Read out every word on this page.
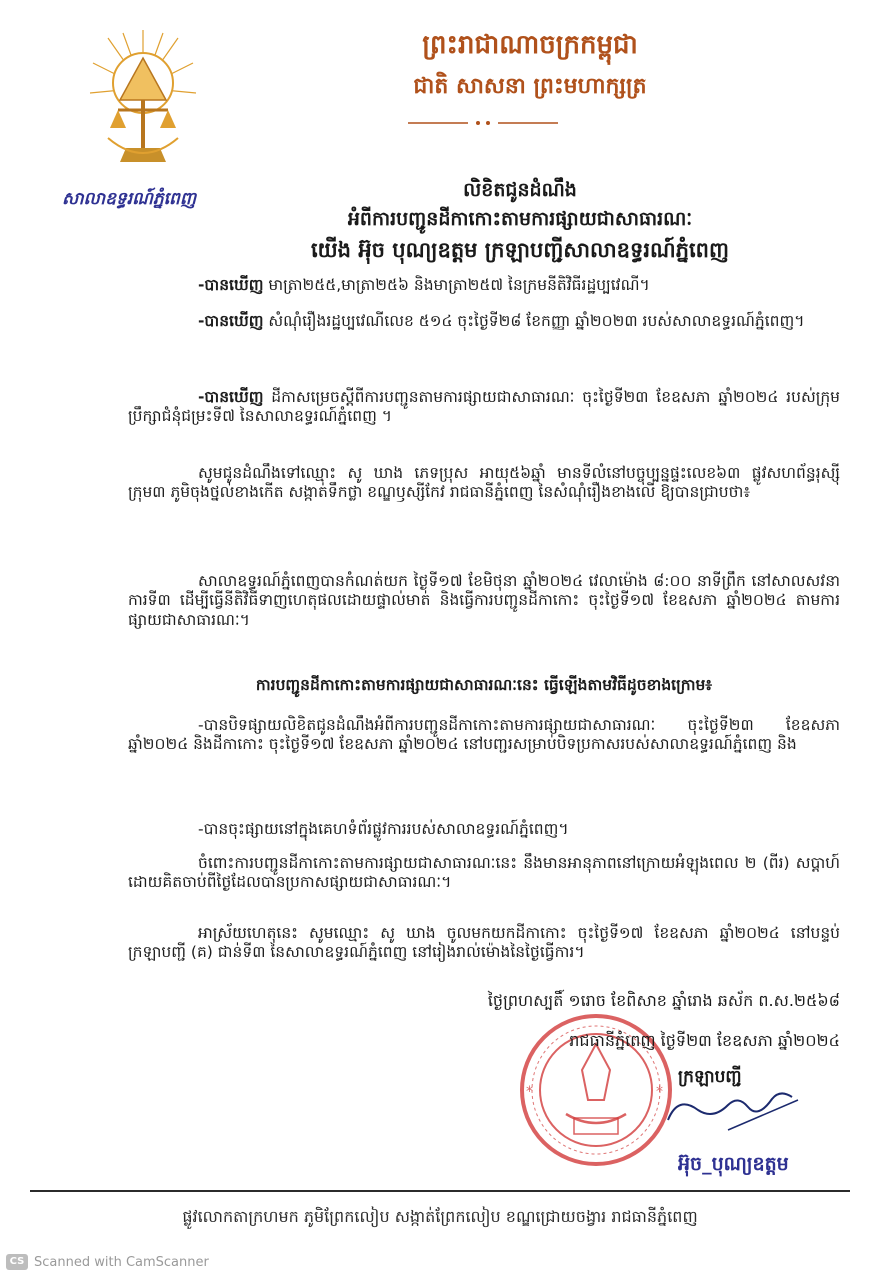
សាលាឧទ្ធរណ៍ភ្នំពេញ
ព្រះរាជាណាចក្រកម្ពុជា
ជាតិ សាសនា ព្រះមហាក្សត្រ
លិខិតជូនដំណឹង
អំពីការបញ្ជូនដីកាកោះតាមការផ្សាយជាសាធារណៈ
យើង អ៊ុច បុណ្យឧត្តម ក្រឡាបញ្ជីសាលាឧទ្ធរណ៍ភ្នំពេញ

-បានឃើញ មាត្រា២៥៥,មាត្រា២៥៦ និងមាត្រា២៥៧ នៃក្រមនីតិវិធីរដ្ឋប្បវេណី។

-បានឃើញ សំណុំរឿងរដ្ឋប្បវេណីលេខ ៥១៤ ចុះថ្ងៃទី២៨ ខែកញ្ញា ឆ្នាំ២០២៣ របស់សាលាឧទ្ធរណ៍ភ្នំពេញ។

-បានឃើញ ដីកាសម្រេចស្តីពីការបញ្ជូនតាមការផ្សាយជាសាធារណៈ ចុះថ្ងៃទី២៣ ខែឧសភា ឆ្នាំ២០២៤ របស់ក្រុមប្រឹក្សាជំនុំជម្រះទី៧ នៃសាលាឧទ្ធរណ៍ភ្នំពេញ ។

សូមជូនដំណឹងទៅឈ្មោះ សូ ឃាង ភេទប្រុស អាយុ៥៦ឆ្នាំ មានទីលំនៅបច្ចុប្បន្នផ្ទះលេខ៦៣ ផ្លូវសហព័ន្ធរុស្ស៊ី ក្រុម៣ ភូមិចុងថ្នល់ខាងកើត សង្កាត់ទឹកថ្លា ខណ្ឌឫស្សីកែវ រាជធានីភ្នំពេញ នៃសំណុំរឿងខាងលើ ឱ្យបានជ្រាបថា៖

សាលាឧទ្ធរណ៍ភ្នំពេញបានកំណត់យក ថ្ងៃទី១៧ ខែមិថុនា ឆ្នាំ២០២៤ វេលាម៉ោង ៨:០០ នាទីព្រឹក នៅសាលសវនាការទី៣ ដើម្បីធ្វើនីតិវិធីទាញហេតុផលដោយផ្ទាល់មាត់ និងធ្វើការបញ្ជូនដីកាកោះ ចុះថ្ងៃទី១៧ ខែឧសភា ឆ្នាំ២០២៤ តាមការផ្សាយជាសាធារណៈ។

ការបញ្ជូនដីកាកោះតាមការផ្សាយជាសាធារណៈនេះ ធ្វើឡើងតាមវិធីដូចខាងក្រោម៖

-បានបិទផ្សាយលិខិតជូនដំណឹងអំពីការបញ្ជូនដីកាកោះតាមការផ្សាយជាសាធារណៈ ចុះថ្ងៃទី២៣ ខែឧសភា ឆ្នាំ២០២៤ និងដីកាកោះ ចុះថ្ងៃទី១៧ ខែឧសភា ឆ្នាំ២០២៤ នៅបញ្ជរសម្រាប់បិទប្រកាសរបស់សាលាឧទ្ធរណ៍ភ្នំពេញ និង

-បានចុះផ្សាយនៅក្នុងគេហទំព័រផ្លូវការរបស់សាលាឧទ្ធរណ៍ភ្នំពេញ។

ចំពោះការបញ្ជូនដីកាកោះតាមការផ្សាយជាសាធារណៈនេះ នឹងមានអានុភាពនៅក្រោយអំឡុងពេល ២ (ពីរ) សប្តាហ៍ ដោយគិតចាប់ពីថ្ងៃដែលបានប្រកាសផ្សាយជាសាធារណៈ។

អាស្រ័យហេតុនេះ សូមឈ្មោះ សូ ឃាង ចូលមកយកដីកាកោះ ចុះថ្ងៃទី១៧ ខែឧសភា ឆ្នាំ២០២៤ នៅបន្ទប់ក្រឡាបញ្ជី (គ) ជាន់ទី៣ នៃសាលាឧទ្ធរណ៍ភ្នំពេញ នៅរៀងរាល់ម៉ោងនៃថ្ងៃធ្វើការ។

ថ្ងៃព្រហស្បតិ៍ ១រោច ខែពិសាខ ឆ្នាំរោង ឆស័ក ព.ស.២៥៦៨
*	*
រាជធានីភ្នំពេញ ថ្ងៃទី២៣ ខែឧសភា ឆ្នាំ២០២៤
ក្រឡាបញ្ជី
អ៊ុច_បុណ្យឧត្តម
ផ្លូវលោកតាក្រហមក ភូមិព្រែកលៀប សង្កាត់ព្រែកលៀប ខណ្ឌជ្រោយចង្វារ រាជធានីភ្នំពេញ
CS Scanned with CamScanner
